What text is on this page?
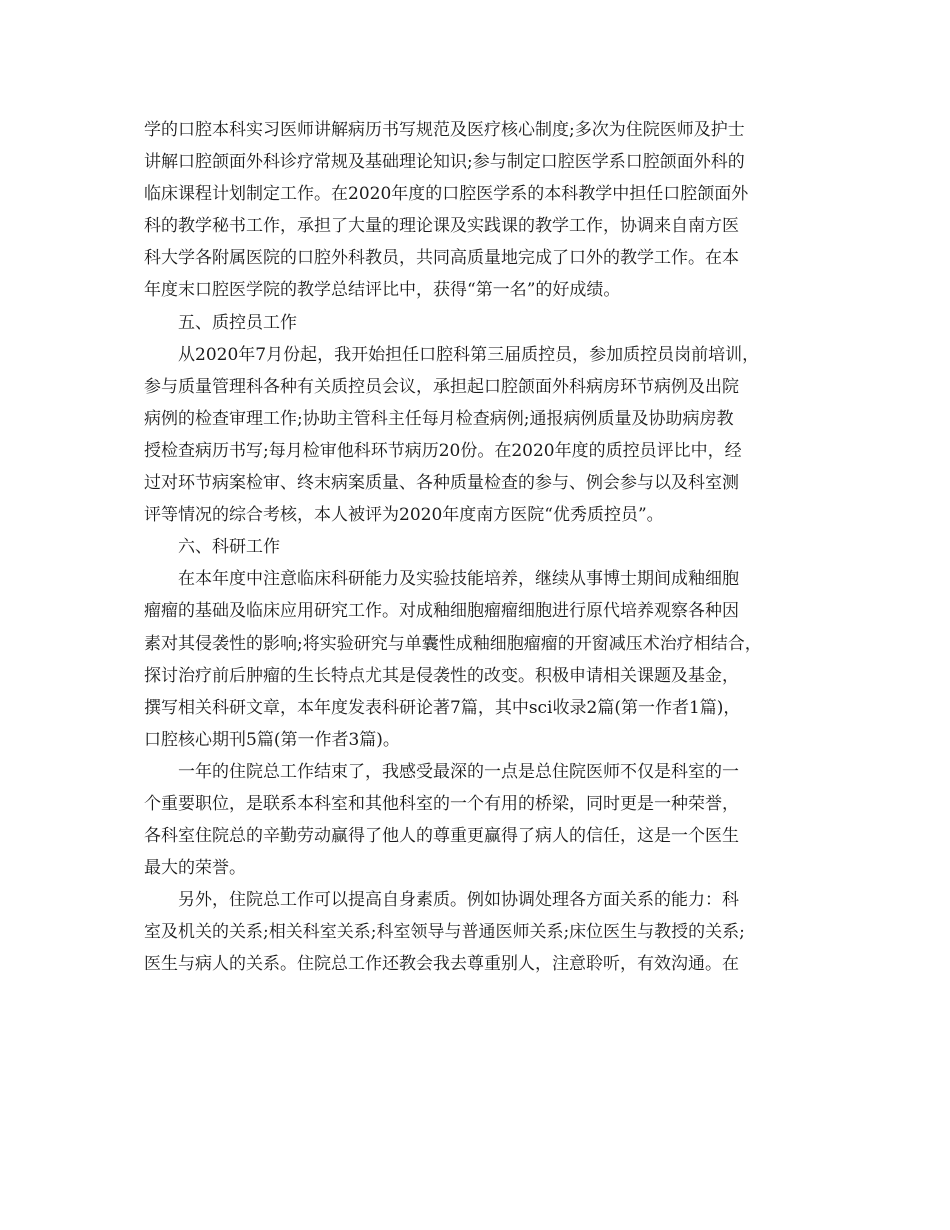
学的口腔本科实习医师讲解病历书写规范及医疗核心制度;多次为住院医师及护士
讲解口腔颌面外科诊疗常规及基础理论知识;参与制定口腔医学系口腔颌面外科的
临床课程计划制定工作。在2020年度的口腔医学系的本科教学中担任口腔颌面外
科的教学秘书工作，承担了大量的理论课及实践课的教学工作，协调来自南方医
科大学各附属医院的口腔外科教员，共同高质量地完成了口外的教学工作。在本
年度末口腔医学院的教学总结评比中，获得“第一名”的好成绩。
五、质控员工作
从2020年7月份起，我开始担任口腔科第三届质控员，参加质控员岗前培训，
参与质量管理科各种有关质控员会议，承担起口腔颌面外科病房环节病例及出院
病例的检查审理工作;协助主管科主任每月检查病例;通报病例质量及协助病房教
授检查病历书写;每月检审他科环节病历20份。在2020年度的质控员评比中，经
过对环节病案检审、终末病案质量、各种质量检查的参与、例会参与以及科室测
评等情况的综合考核，本人被评为2020年度南方医院“优秀质控员”。
六、科研工作
在本年度中注意临床科研能力及实验技能培养，继续从事博士期间成釉细胞
瘤瘤的基础及临床应用研究工作。对成釉细胞瘤瘤细胞进行原代培养观察各种因
素对其侵袭性的影响;将实验研究与单囊性成釉细胞瘤瘤的开窗减压术治疗相结合，
探讨治疗前后肿瘤的生长特点尤其是侵袭性的改变。积极申请相关课题及基金，
撰写相关科研文章，本年度发表科研论著7篇，其中sci收录2篇(第一作者1篇)，
口腔核心期刊5篇(第一作者3篇)。
一年的住院总工作结束了，我感受最深的一点是总住院医师不仅是科室的一
个重要职位，是联系本科室和其他科室的一个有用的桥梁，同时更是一种荣誉，
各科室住院总的辛勤劳动赢得了他人的尊重更赢得了病人的信任，这是一个医生
最大的荣誉。
另外，住院总工作可以提高自身素质。例如协调处理各方面关系的能力：科
室及机关的关系;相关科室关系;科室领导与普通医师关系;床位医生与教授的关系;
医生与病人的关系。住院总工作还教会我去尊重别人，注意聆听，有效沟通。在
